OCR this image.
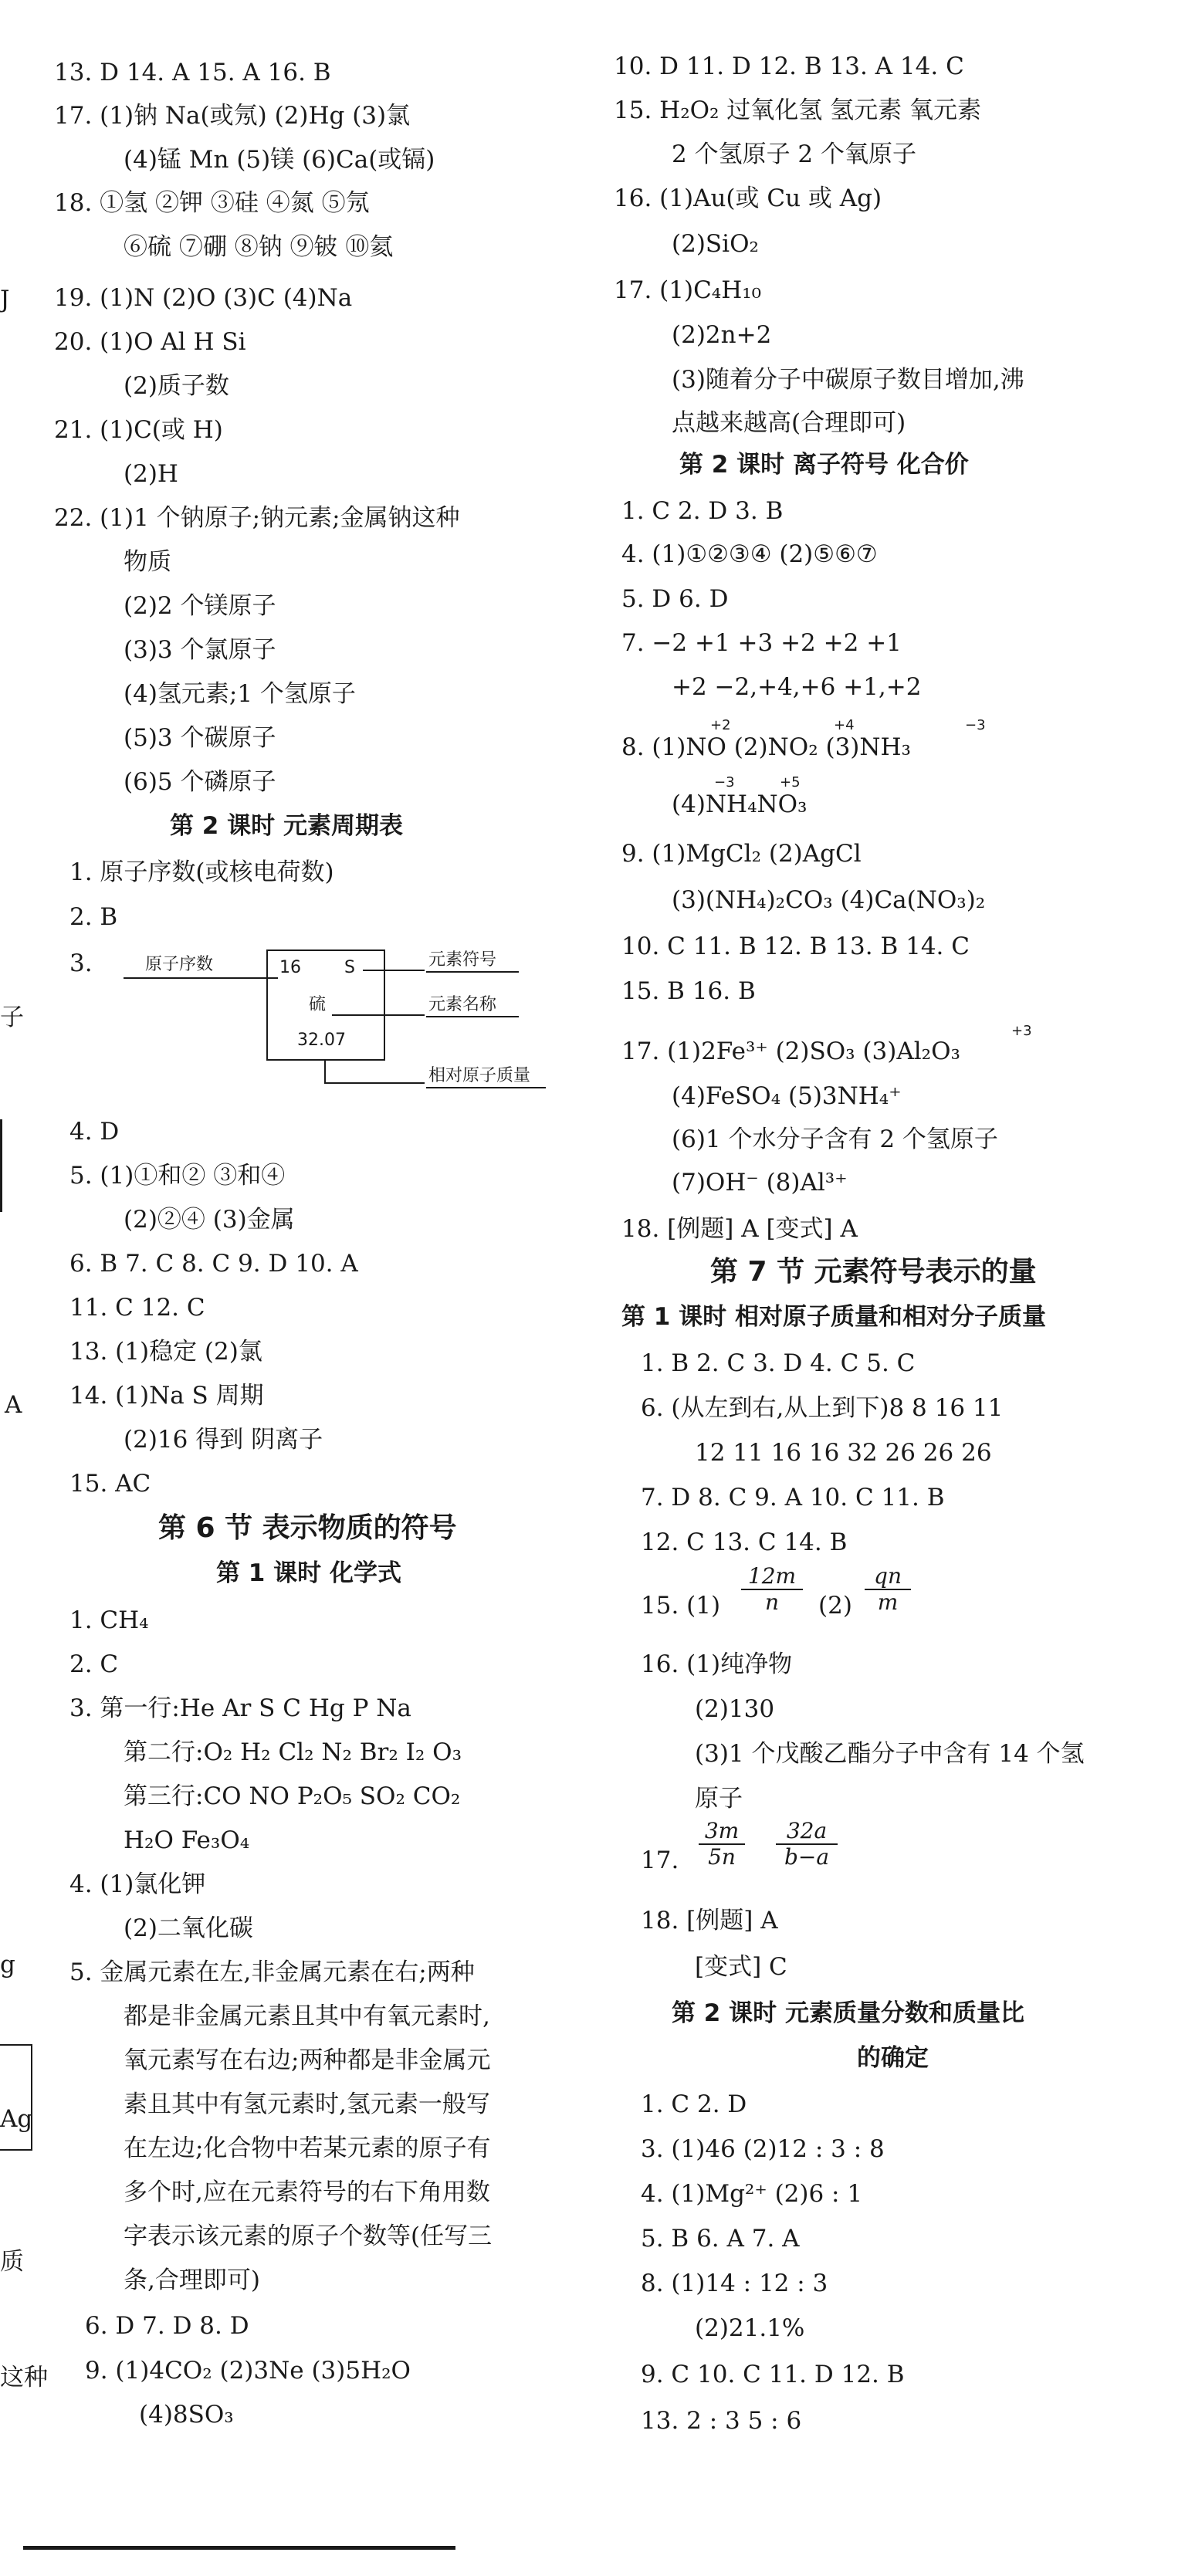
J
子
A
g
Ag
质
这种
13. D 14. A 15. A 16. B
17. (1)钠 Na(或氖) (2)Hg (3)氯
(4)锰 Mn (5)镁 (6)Ca(或镉)
18. ①氢 ②钾 ③硅 ④氮 ⑤氖
⑥硫 ⑦硼 ⑧钠 ⑨铍 ⑩氦
19. (1)N (2)O (3)C (4)Na
20. (1)O Al H Si
(2)质子数
21. (1)C(或 H)
(2)H
22. (1)1 个钠原子;钠元素;金属钠这种
物质
(2)2 个镁原子
(3)3 个氯原子
(4)氢元素;1 个氢原子
(5)3 个碳原子
(6)5 个磷原子
第 2 课时 元素周期表
1. 原子序数(或核电荷数)
2. B
3.	原子序数	16	S	元素符号
硫	元素名称
32.07
相对原子质量
4. D
5. (1)①和② ③和④
(2)②④ (3)金属
6. B 7. C 8. C 9. D 10. A
11. C 12. C
13. (1)稳定 (2)氯
14. (1)Na S 周期
(2)16 得到 阴离子
15. AC
第 6 节 表示物质的符号
第 1 课时 化学式
1. CH₄
2. C
3. 第一行:He Ar S C Hg P Na
第二行:O₂ H₂ Cl₂ N₂ Br₂ I₂ O₃
第三行:CO NO P₂O₅ SO₂ CO₂
H₂O Fe₃O₄
4. (1)氯化钾
(2)二氧化碳
5. 金属元素在左,非金属元素在右;两种
都是非金属元素且其中有氧元素时,
氧元素写在右边;两种都是非金属元
素且其中有氢元素时,氢元素一般写
在左边;化合物中若某元素的原子有
多个时,应在元素符号的右下角用数
字表示该元素的原子个数等(任写三
条,合理即可)
6. D 7. D 8. D
9. (1)4CO₂ (2)3Ne (3)5H₂O
(4)8SO₃
10. D 11. D 12. B 13. A 14. C
15. H₂O₂ 过氧化氢 氢元素 氧元素
2 个氢原子 2 个氧原子
16. (1)Au(或 Cu 或 Ag)
(2)SiO₂
17. (1)C₄H₁₀
(2)2n+2
(3)随着分子中碳原子数目增加,沸
点越来越高(合理即可)
第 2 课时 离子符号 化合价
1. C 2. D 3. B
4. (1)①②③④ (2)⑤⑥⑦
5. D 6. D
7. −2 +1 +3 +2 +2 +1
+2 −2,+4,+6 +1,+2
+2	+4	−3
8. (1)NO (2)NO₂ (3)NH₃
−3	+5
(4)NH₄NO₃
9. (1)MgCl₂ (2)AgCl
(3)(NH₄)₂CO₃ (4)Ca(NO₃)₂
10. C 11. B 12. B 13. B 14. C
15. B 16. B
+3
17. (1)2Fe³⁺ (2)SO₃ (3)Al₂O₃
(4)FeSO₄ (5)3NH₄⁺
(6)1 个水分子含有 2 个氢原子
(7)OH⁻ (8)Al³⁺
18. [例题] A [变式] A
第 7 节 元素符号表示的量
第 1 课时 相对原子质量和相对分子质量
1. B 2. C 3. D 4. C 5. C
6. (从左到右,从上到下)8 8 16 11
12 11 16 16 32 26 26 26
7. D 8. C 9. A 10. C 11. B
12. C 13. C 14. B
15. $(1) \frac{12m}{n} (2) \frac{qn}{m}$
16. (1)纯净物
(2)130
(3)1 个戊酸乙酯分子中含有 14 个氢
原子
17. $\frac{3m}{5n} \frac{32a}{b-a}$
18. [例题] A
[变式] C
第 2 课时 元素质量分数和质量比
的确定
1. C 2. D
3. (1)46 (2)12 : 3 : 8
4. (1)Mg²⁺ (2)6 : 1
5. B 6. A 7. A
8. (1)14 : 12 : 3
(2)21.1%
9. C 10. C 11. D 12. B
13. 2 : 3 5 : 6
